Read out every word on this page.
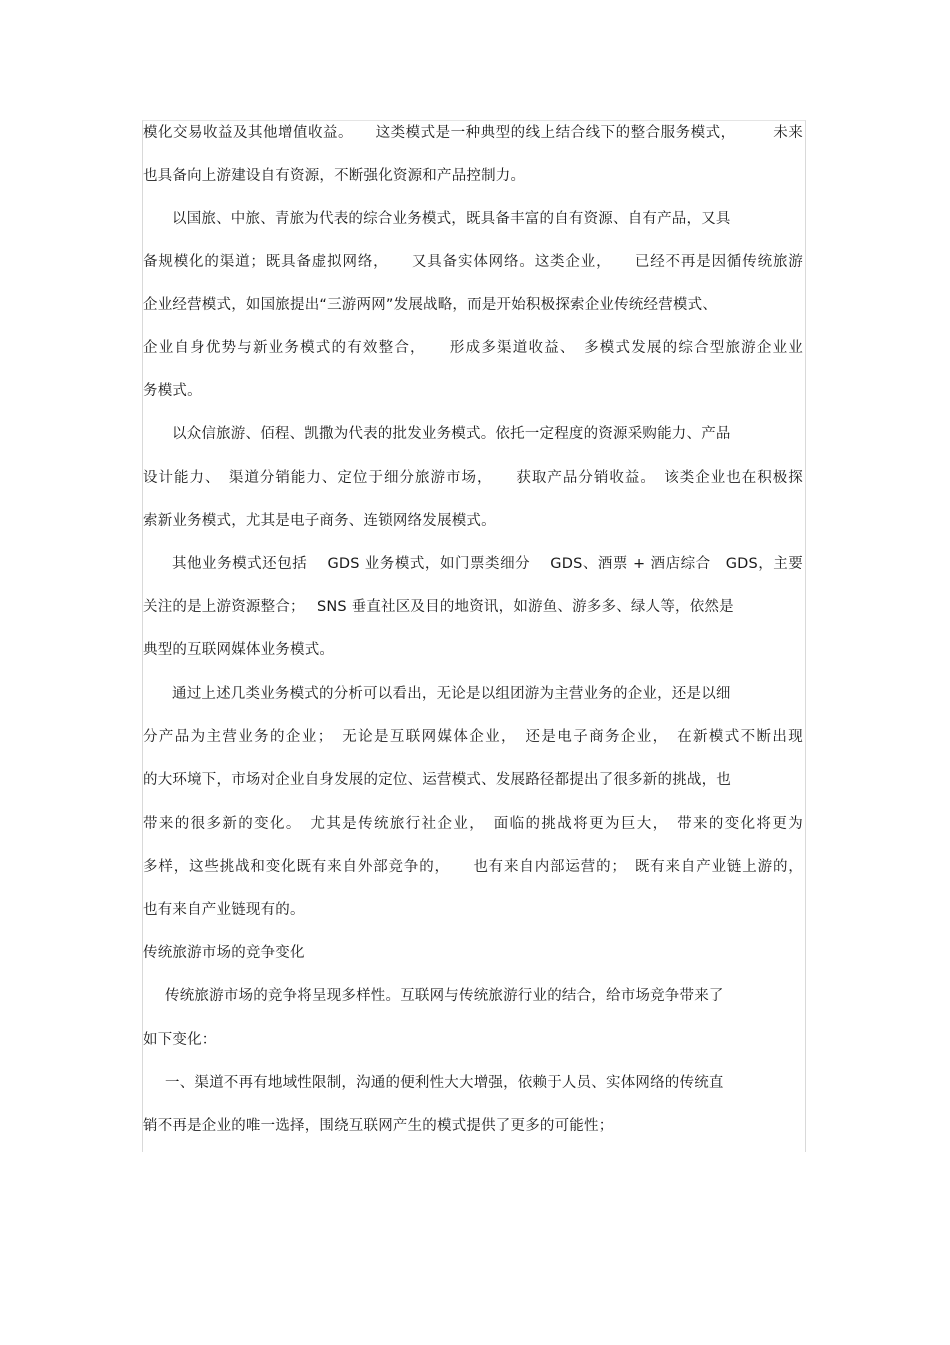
模化交易收益及其他增值收益。　　这类模式是一种典型的线上结合线下的整合服务模式，　　　未来
也具备向上游建设自有资源，不断强化资源和产品控制力。
以国旅、中旅、青旅为代表的综合业务模式，既具备丰富的自有资源、自有产品，又具
备规模化的渠道；既具备虚拟网络，　　又具备实体网络。这类企业，　　已经不再是因循传统旅游
企业经营模式，如国旅提出“三游两网”发展战略，而是开始积极探索企业传统经营模式、
企业自身优势与新业务模式的有效整合，　　形成多渠道收益、　多模式发展的综合型旅游企业业
务模式。
以众信旅游、佰程、凯撒为代表的批发业务模式。依托一定程度的资源采购能力、产品
设计能力、　渠道分销能力、定位于细分旅游市场，　　获取产品分销收益。　该类企业也在积极探
索新业务模式，尤其是电子商务、连锁网络发展模式。
其他业务模式还包括　 GDS 业务模式，如门票类细分　 GDS、酒票 + 酒店综合　GDS，主要
关注的是上游资源整合；　 SNS 垂直社区及目的地资讯，如游鱼、游多多、绿人等，依然是
典型的互联网媒体业务模式。
通过上述几类业务模式的分析可以看出，无论是以组团游为主营业务的企业，还是以细
分产品为主营业务的企业；　无论是互联网媒体企业，　还是电子商务企业，　在新模式不断出现
的大环境下，市场对企业自身发展的定位、运营模式、发展路径都提出了很多新的挑战，也
带来的很多新的变化。　尤其是传统旅行社企业，　面临的挑战将更为巨大，　带来的变化将更为
多样，这些挑战和变化既有来自外部竞争的，　　也有来自内部运营的；　既有来自产业链上游的，
也有来自产业链现有的。
传统旅游市场的竞争变化
传统旅游市场的竞争将呈现多样性。互联网与传统旅游行业的结合，给市场竞争带来了
如下变化：
一、渠道不再有地域性限制，沟通的便利性大大增强，依赖于人员、实体网络的传统直
销不再是企业的唯一选择，围绕互联网产生的模式提供了更多的可能性；
